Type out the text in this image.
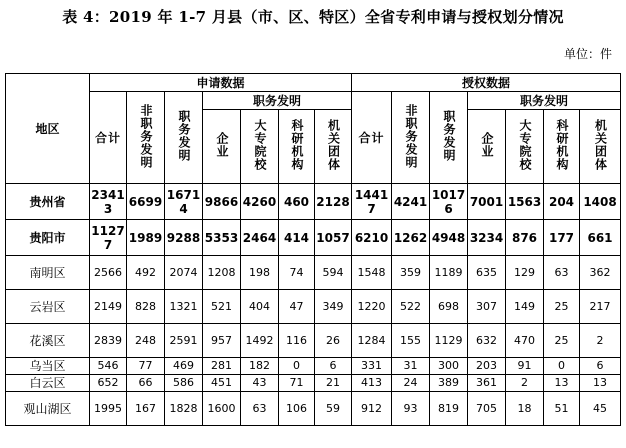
表 4：2019 年 1-7 月县（市、区、特区）全省专利申请与授权划分情况
单位：件
地区	申请数据							授权数据						
	合计	非职务发明	职务发明	职务发明				合计	非职务发明	职务发明	职务发明			
				企业	大专院校	科研机构	机关团体				企业	大专院校	科研机构	机关团体
贵州省	23413	6699	16714	9866	4260	460	2128	14417	4241	10176	7001	1563	204	1408
贵阳市	11277	1989	9288	5353	2464	414	1057	6210	1262	4948	3234	876	177	661
南明区	2566	492	2074	1208	198	74	594	1548	359	1189	635	129	63	362
云岩区	2149	828	1321	521	404	47	349	1220	522	698	307	149	25	217
花溪区	2839	248	2591	957	1492	116	26	1284	155	1129	632	470	25	2
乌当区	546	77	469	281	182	0	6	331	31	300	203	91	0	6
白云区	652	66	586	451	43	71	21	413	24	389	361	2	13	13
观山湖区	1995	167	1828	1600	63	106	59	912	93	819	705	18	51	45
